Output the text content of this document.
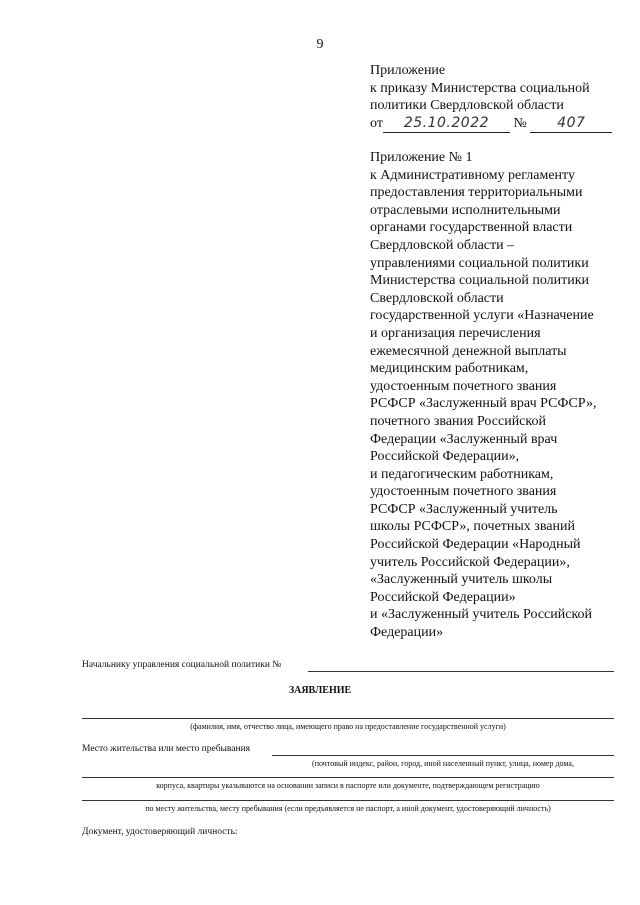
9
Приложение
к приказу Министерства социальной
политики Свердловской области
от 25.10.2022 № 407
Приложение № 1
к Административному регламенту
предоставления территориальными
отраслевыми исполнительными
органами государственной власти
Свердловской области –
управлениями социальной политики
Министерства социальной политики
Свердловской области
государственной услуги «Назначение
и организация перечисления
ежемесячной денежной выплаты
медицинским работникам,
удостоенным почетного звания
РСФСР «Заслуженный врач РСФСР»,
почетного звания Российской
Федерации «Заслуженный врач
Российской Федерации»,
и педагогическим работникам,
удостоенным почетного звания
РСФСР «Заслуженный учитель
школы РСФСР», почетных званий
Российской Федерации «Народный
учитель Российской Федерации»,
«Заслуженный учитель школы
Российской Федерации»
и «Заслуженный учитель Российской
Федерации»
Начальнику управления социальной политики №
ЗАЯВЛЕНИЕ
(фамилия, имя, отчество лица, имеющего право на предоставление государственной услуги)
Место жительства или место пребывания
(почтовый индекс, район, город, иной населенный пункт, улица, номер дома,
корпуса, квартиры указываются на основании записи в паспорте или документе, подтверждающем регистрацию
по месту жительства, месту пребывания (если предъявляется не паспорт, а иной документ, удостоверяющий личность)
Документ, удостоверяющий личность:
